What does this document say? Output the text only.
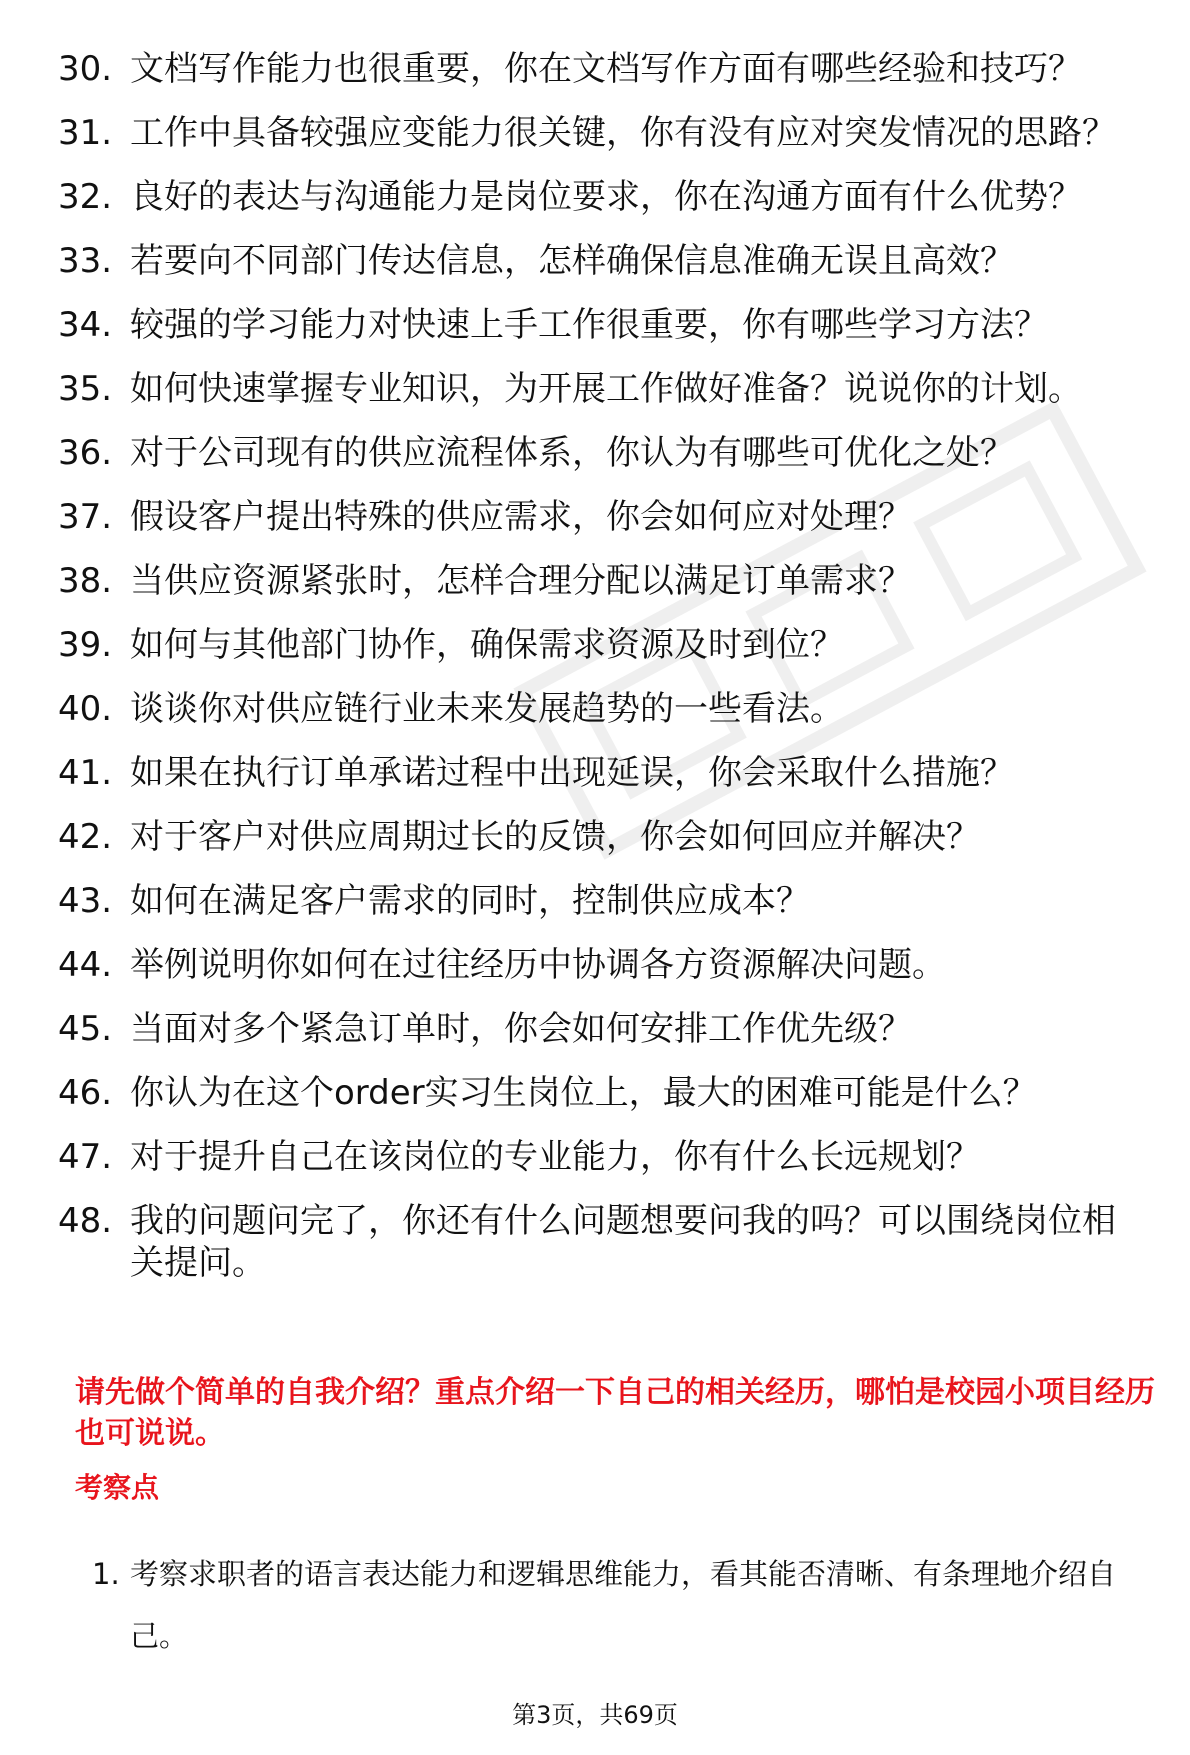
30. 文档写作能力也很重要，你在文档写作方面有哪些经验和技巧？
31. 工作中具备较强应变能力很关键，你有没有应对突发情况的思路？
32. 良好的表达与沟通能力是岗位要求，你在沟通方面有什么优势？
33. 若要向不同部门传达信息，怎样确保信息准确无误且高效？
34. 较强的学习能力对快速上手工作很重要，你有哪些学习方法？
35. 如何快速掌握专业知识，为开展工作做好准备？说说你的计划。
36. 对于公司现有的供应流程体系，你认为有哪些可优化之处？
37. 假设客户提出特殊的供应需求，你会如何应对处理？
38. 当供应资源紧张时，怎样合理分配以满足订单需求？
39. 如何与其他部门协作，确保需求资源及时到位？
40. 谈谈你对供应链行业未来发展趋势的一些看法。
41. 如果在执行订单承诺过程中出现延误，你会采取什么措施？
42. 对于客户对供应周期过长的反馈，你会如何回应并解决？
43. 如何在满足客户需求的同时，控制供应成本？
44. 举例说明你如何在过往经历中协调各方资源解决问题。
45. 当面对多个紧急订单时，你会如何安排工作优先级？
46. 你认为在这个order实习生岗位上，最大的困难可能是什么？
47. 对于提升自己在该岗位的专业能力，你有什么长远规划？
48. 我的问题问完了，你还有什么问题想要问我的吗？可以围绕岗位相关提问。

请先做个简单的自我介绍？重点介绍一下自己的相关经历，哪怕是校园小项目经历也可说说。

考察点

1. 考察求职者的语言表达能力和逻辑思维能力，看其能否清晰、有条理地介绍自己。
第3页，共69页
